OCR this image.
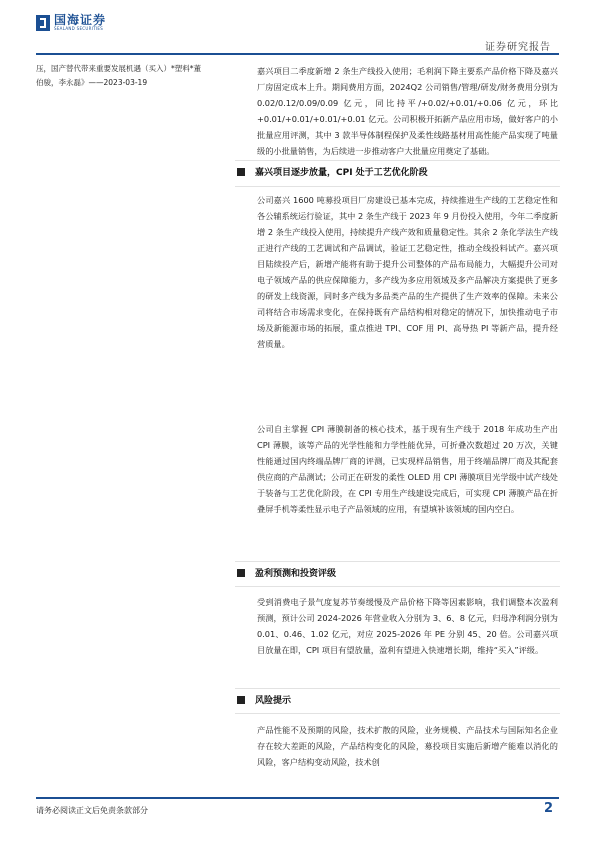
国海证券
SEALAND SECURITIES
证券研究报告

压，国产替代带来重要发展机遇（买入）*塑料*董

伯骏，李永磊》——2023-03-19

嘉兴项目二季度新增 2 条生产线投入使用；毛利润下降主要系产品价格下降及嘉兴厂房固定成本上升。期间费用方面，2024Q2 公司销售/管理/研发/财务费用分别为 0.02/0.12/0.09/0.09 亿元，同比持平/+0.02/+0.01/+0.06 亿元，环比+0.01/+0.01/+0.01/+0.01 亿元。公司积极开拓新产品应用市场，做好客户的小批量应用评测，其中 3 款半导体制程保护及柔性线路基材用高性能产品实现了吨量级的小批量销售，为后续进一步推动客户大批量应用奠定了基础。

嘉兴项目逐步放量，CPI 处于工艺优化阶段

公司嘉兴 1600 吨募投项目厂房建设已基本完成，持续推进生产线的工艺稳定性和各公辅系统运行验证，其中 2 条生产线于 2023 年 9 月份投入使用，今年二季度新增 2 条生产线投入使用，持续提升产线产效和质量稳定性。其余 2 条化学法生产线正进行产线的工艺调试和产品调试，验证工艺稳定性，推动全线投料试产。嘉兴项目陆续投产后，新增产能将有助于提升公司整体的产品布局能力，大幅提升公司对电子领域产品的供应保障能力，多产线为多应用领域及多产品解决方案提供了更多的研发上线资源，同时多产线为多品类产品的生产提供了生产效率的保障。未来公司将结合市场需求变化，在保持既有产品结构相对稳定的情况下，加快推动电子市场及新能源市场的拓展，重点推进 TPI、COF 用 PI、高导热 PI 等新产品，提升经营质量。

公司自主掌握 CPI 薄膜制备的核心技术，基于现有生产线于 2018 年成功生产出 CPI 薄膜，该等产品的光学性能和力学性能优异，可折叠次数超过 20 万次，关键性能通过国内终端品牌厂商的评测，已实现样品销售，用于终端品牌厂商及其配套供应商的产品测试；公司正在研发的柔性 OLED 用 CPI 薄膜项目光学级中试产线处于装备与工艺优化阶段，在 CPI 专用生产线建设完成后，可实现 CPI 薄膜产品在折叠屏手机等柔性显示电子产品领域的应用，有望填补该领域的国内空白。

盈利预测和投资评级

受到消费电子景气度复苏节奏缓慢及产品价格下降等因素影响，我们调整本次盈利预测，预计公司 2024-2026 年营业收入分别为 3、6、8 亿元，归母净利润分别为 0.01、0.46、1.02 亿元，对应 2025-2026 年 PE 分别 45、20 倍。公司嘉兴项目放量在即，CPI 项目有望放量，盈利有望进入快速增长期，维持“买入”评级。

风险提示

产品性能不及预期的风险，技术扩散的风险，业务规模、产品技术与国际知名企业存在较大差距的风险，产品结构变化的风险，募投项目实施后新增产能难以消化的风险，客户结构变动风险，技术创

请务必阅读正文后免责条款部分	2
